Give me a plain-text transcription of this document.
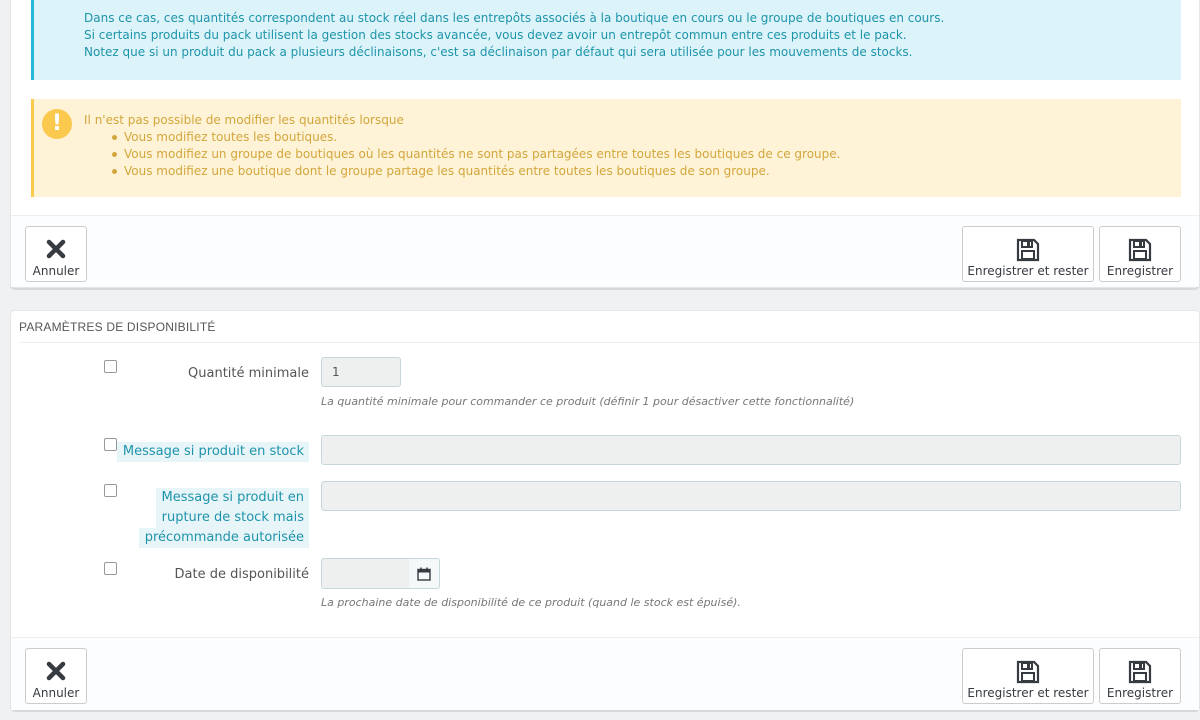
Dans ce cas, ces quantités correspondent au stock réel dans les entrepôts associés à la boutique en cours ou le groupe de boutiques en cours.

Si certains produits du pack utilisent la gestion des stocks avancée, vous devez avoir un entrepôt commun entre ces produits et le pack.

Notez que si un produit du pack a plusieurs déclinaisons, c'est sa déclinaison par défaut qui sera utilisée pour les mouvements de stocks.

!	Il n'est pas possible de modifier les quantités lorsque
Vous modifiez toutes les boutiques.
Vous modifiez un groupe de boutiques où les quantités ne sont pas partagées entre toutes les boutiques de ce groupe.
Vous modifiez une boutique dont le groupe partage les quantités entre toutes les boutiques de son groupe.
Annuler	Enregistrer et rester	Enregistrer
PARAMÈTRES DE DISPONIBILITÉ
Quantité minimale	1
La quantité minimale pour commander ce produit (définir 1 pour désactiver cette fonctionnalité)
Message si produit en stock
Message si produit en
rupture de stock mais
précommande autorisée
Date de disponibilité
La prochaine date de disponibilité de ce produit (quand le stock est épuisé).
Annuler	Enregistrer et rester	Enregistrer
